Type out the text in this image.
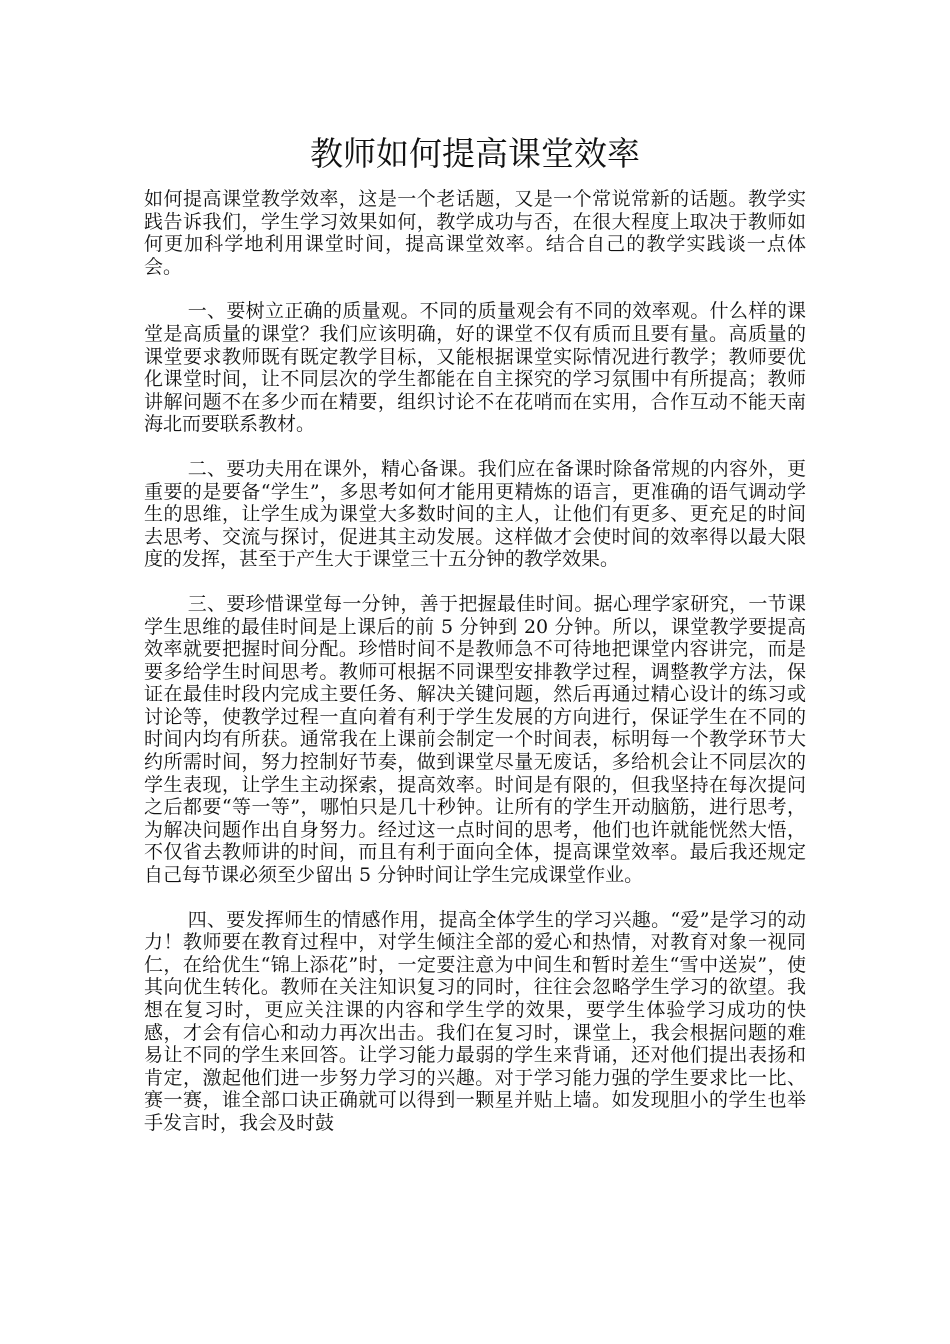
教师如何提高课堂效率

如何提高课堂教学效率，这是一个老话题，又是一个常说常新的话题。教学实践告诉我们，学生学习效果如何，教学成功与否，在很大程度上取决于教师如何更加科学地利用课堂时间，提高课堂效率。结合自己的教学实践谈一点体会。

一、要树立正确的质量观。不同的质量观会有不同的效率观。什么样的课堂是高质量的课堂？我们应该明确，好的课堂不仅有质而且要有量。高质量的课堂要求教师既有既定教学目标，又能根据课堂实际情况进行教学；教师要优化课堂时间，让不同层次的学生都能在自主探究的学习氛围中有所提高；教师讲解问题不在多少而在精要，组织讨论不在花哨而在实用，合作互动不能天南海北而要联系教材。

二、要功夫用在课外，精心备课。我们应在备课时除备常规的内容外，更重要的是要备“学生”，多思考如何才能用更精炼的语言，更准确的语气调动学生的思维，让学生成为课堂大多数时间的主人，让他们有更多、更充足的时间去思考、交流与探讨，促进其主动发展。这样做才会使时间的效率得以最大限度的发挥，甚至于产生大于课堂三十五分钟的教学效果。

三、要珍惜课堂每一分钟，善于把握最佳时间。据心理学家研究，一节课学生思维的最佳时间是上课后的前 5 分钟到 20 分钟。所以，课堂教学要提高效率就要把握时间分配。珍惜时间不是教师急不可待地把课堂内容讲完，而是要多给学生时间思考。教师可根据不同课型安排教学过程，调整教学方法，保证在最佳时段内完成主要任务、解决关键问题，然后再通过精心设计的练习或讨论等，使教学过程一直向着有利于学生发展的方向进行，保证学生在不同的时间内均有所获。通常我在上课前会制定一个时间表，标明每一个教学环节大约所需时间，努力控制好节奏，做到课堂尽量无废话，多给机会让不同层次的学生表现，让学生主动探索，提高效率。时间是有限的，但我坚持在每次提问之后都要“等一等”，哪怕只是几十秒钟。让所有的学生开动脑筋，进行思考，为解决问题作出自身努力。经过这一点时间的思考，他们也许就能恍然大悟，不仅省去教师讲的时间，而且有利于面向全体，提高课堂效率。最后我还规定自己每节课必须至少留出 5 分钟时间让学生完成课堂作业。

四、要发挥师生的情感作用，提高全体学生的学习兴趣。“爱”是学习的动力！教师要在教育过程中，对学生倾注全部的爱心和热情，对教育对象一视同仁，在给优生“锦上添花”时，一定要注意为中间生和暂时差生“雪中送炭”，使其向优生转化。教师在关注知识复习的同时，往往会忽略学生学习的欲望。我想在复习时，更应关注课的内容和学生学的效果，要学生体验学习成功的快感，才会有信心和动力再次出击。我们在复习时，课堂上，我会根据问题的难易让不同的学生来回答。让学习能力最弱的学生来背诵，还对他们提出表扬和肯定，激起他们进一步努力学习的兴趣。对于学习能力强的学生要求比一比、赛一赛，谁全部口诀正确就可以得到一颗星并贴上墙。如发现胆小的学生也举手发言时，我会及时鼓
